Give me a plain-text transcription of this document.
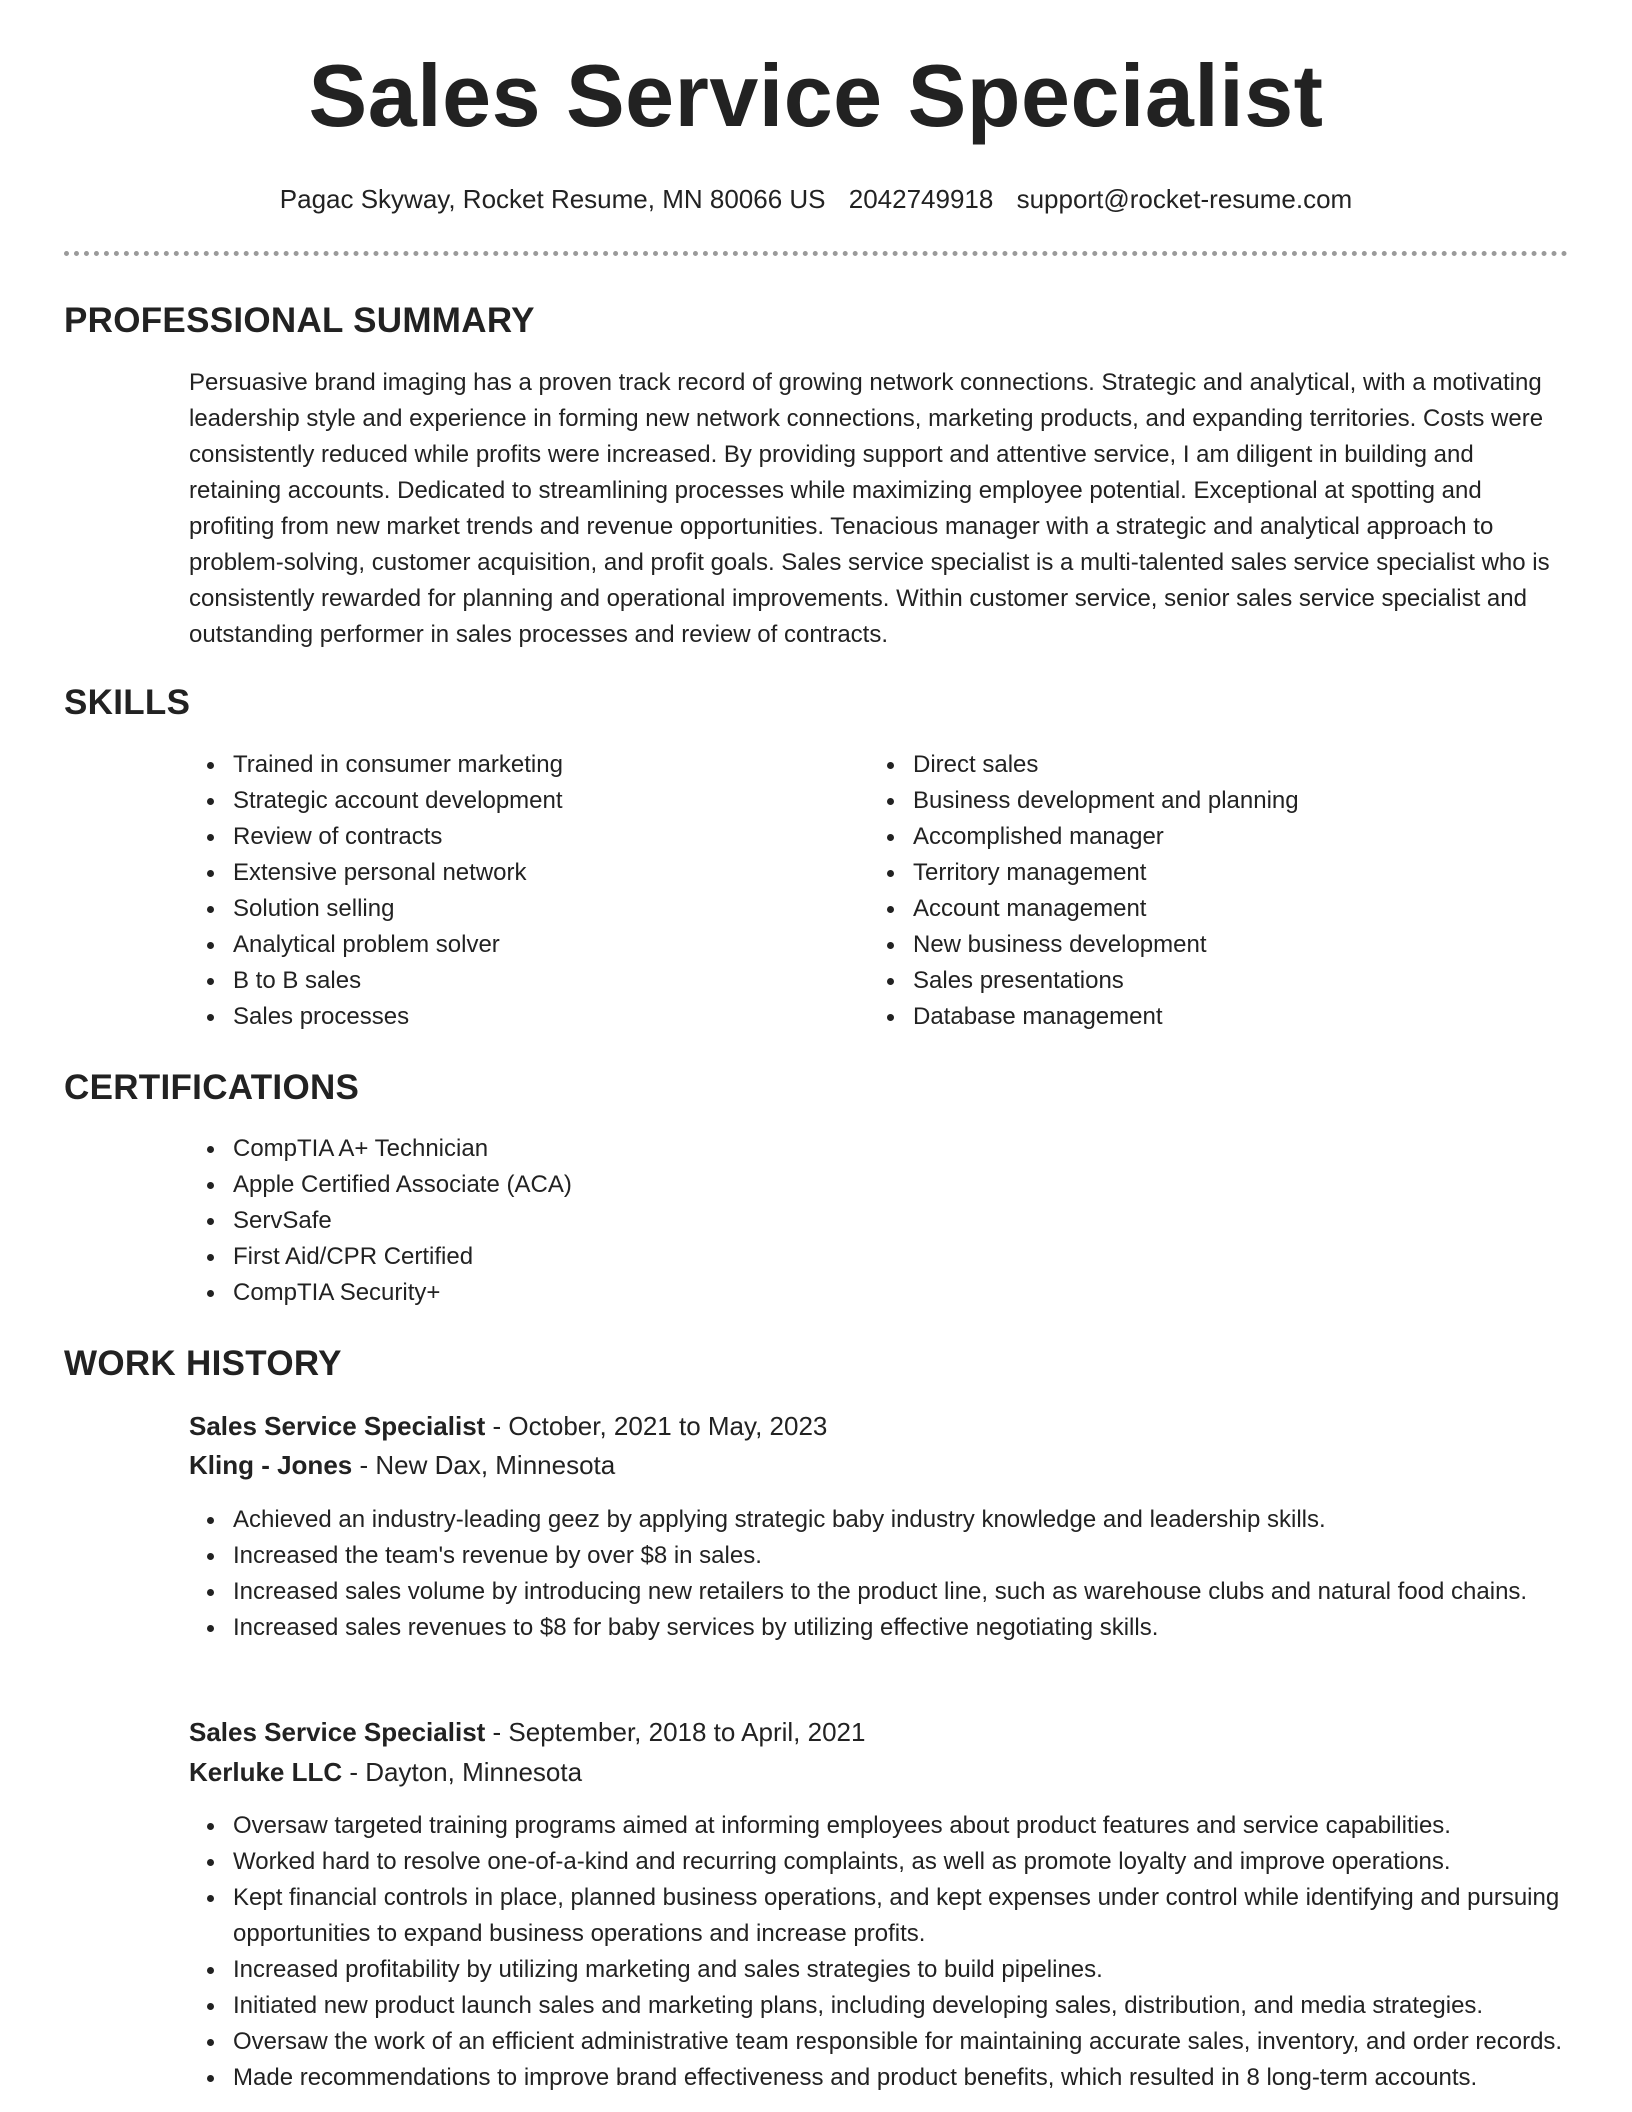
Sales Service Specialist
Pagac Skyway, Rocket Resume, MN 80066 US 2042749918 support@rocket-resume.com
PROFESSIONAL SUMMARY

Persuasive brand imaging has a proven track record of growing network connections. Strategic and analytical, with a motivating leadership style and experience in forming new network connections, marketing products, and expanding territories. Costs were consistently reduced while profits were increased. By providing support and attentive service, I am diligent in building and retaining accounts. Dedicated to streamlining processes while maximizing employee potential. Exceptional at spotting and profiting from new market trends and revenue opportunities. Tenacious manager with a strategic and analytical approach to problem-solving, customer acquisition, and profit goals. Sales service specialist is a multi-talented sales service specialist who is consistently rewarded for planning and operational improvements. Within customer service, senior sales service specialist and outstanding performer in sales processes and review of contracts.

SKILLS
Trained in consumer marketing
Strategic account development
Review of contracts
Extensive personal network
Solution selling
Analytical problem solver
B to B sales
Sales processes
Direct sales
Business development and planning
Accomplished manager
Territory management
Account management
New business development
Sales presentations
Database management
CERTIFICATIONS
CompTIA A+ Technician
Apple Certified Associate (ACA)
ServSafe
First Aid/CPR Certified
CompTIA Security+
WORK HISTORY
Sales Service Specialist - October, 2021 to May, 2023
Kling - Jones - New Dax, Minnesota
Achieved an industry-leading geez by applying strategic baby industry knowledge and leadership skills.
Increased the team's revenue by over $8 in sales.
Increased sales volume by introducing new retailers to the product line, such as warehouse clubs and natural food chains.
Increased sales revenues to $8 for baby services by utilizing effective negotiating skills.
Sales Service Specialist - September, 2018 to April, 2021
Kerluke LLC - Dayton, Minnesota
Oversaw targeted training programs aimed at informing employees about product features and service capabilities.
Worked hard to resolve one-of-a-kind and recurring complaints, as well as promote loyalty and improve operations.
Kept financial controls in place, planned business operations, and kept expenses under control while identifying and pursuing opportunities to expand business operations and increase profits.
Increased profitability by utilizing marketing and sales strategies to build pipelines.
Initiated new product launch sales and marketing plans, including developing sales, distribution, and media strategies.
Oversaw the work of an efficient administrative team responsible for maintaining accurate sales, inventory, and order records.
Made recommendations to improve brand effectiveness and product benefits, which resulted in 8 long-term accounts.
